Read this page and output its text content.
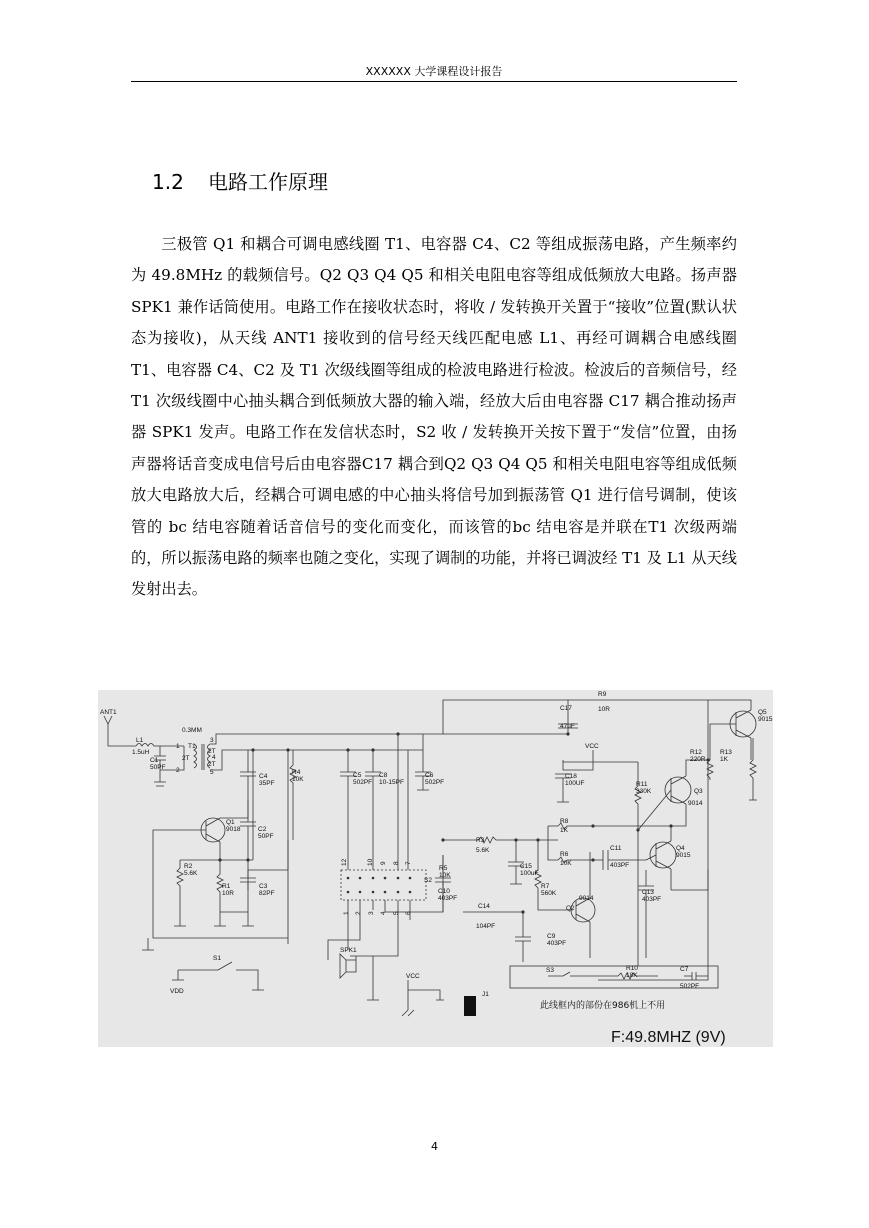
XXXXXX 大学课程设计报告
1.2 电路工作原理
三极管 Q1 和耦合可调电感线圈 T1、电容器 C4、C2 等组成振荡电路，产生频率约为 49.8MHz 的载频信号。Q2 Q3 Q4 Q5 和相关电阻电容等组成低频放大电路。扬声器 SPK1 兼作话筒使用。电路工作在接收状态时，将收 / 发转换开关置于“接收”位置(默认状态为接收)，从天线 ANT1 接收到的信号经天线匹配电感 L1、再经可调耦合电感线圈 T1、电容器 C4、C2 及 T1 次级线圈等组成的检波电路进行检波。检波后的音频信号，经 T1 次级线圈中心抽头耦合到低频放大器的输入端，经放大后由电容器 C17 耦合推动扬声器 SPK1 发声。电路工作在发信状态时，S2 收 / 发转换开关按下置于“发信”位置，由扬声器将话音变成电信号后由电容器C17 耦合到Q2 Q3 Q4 Q5 和相关电阻电容等组成低频放大电路放大后，经耦合可调电感的中心抽头将信号加到振荡管 Q1 进行信号调制，使该管的 bc 结电容随着话音信号的变化而变化，而该管的bc 结电容是并联在T1 次级两端的，所以振荡电路的频率也随之变化，实现了调制的功能，并将已调波经 T1 及 L1 从天线发射出去。
ANT1
L1
1.5uH
C1
50PF
0.3MM
T1
1
2T
2
3
2T
4
2T
5
C4
35PF
R4
10K
C5
502PF
C8
10-15PF
C6
502PF
C17
47uF
R9
10R	Q5
9015
VCC
C18
100UF
R12
220R
R13
1K
R11
330K	Q3
9014
Q1
9018	C2
50PF
R8
1K
R3
5.6K
R6
10K
C11
403PF
Q4
9015
R2
5.6K
R5
10K
S2
C15
100uF
R7
560K	C13
403PF
R1
10R
C3
82PF	C10
403PF
C14
104PF
9014
Q2
C9
403PF
SPK1
S1
VDD
VCC
J1
S3	R10
18K
C7
502PF
12	10 9 8 7
1 2 3 4 5 6
此线框内的部份在986机上不用
F:49.8MHZ (9V)
4
